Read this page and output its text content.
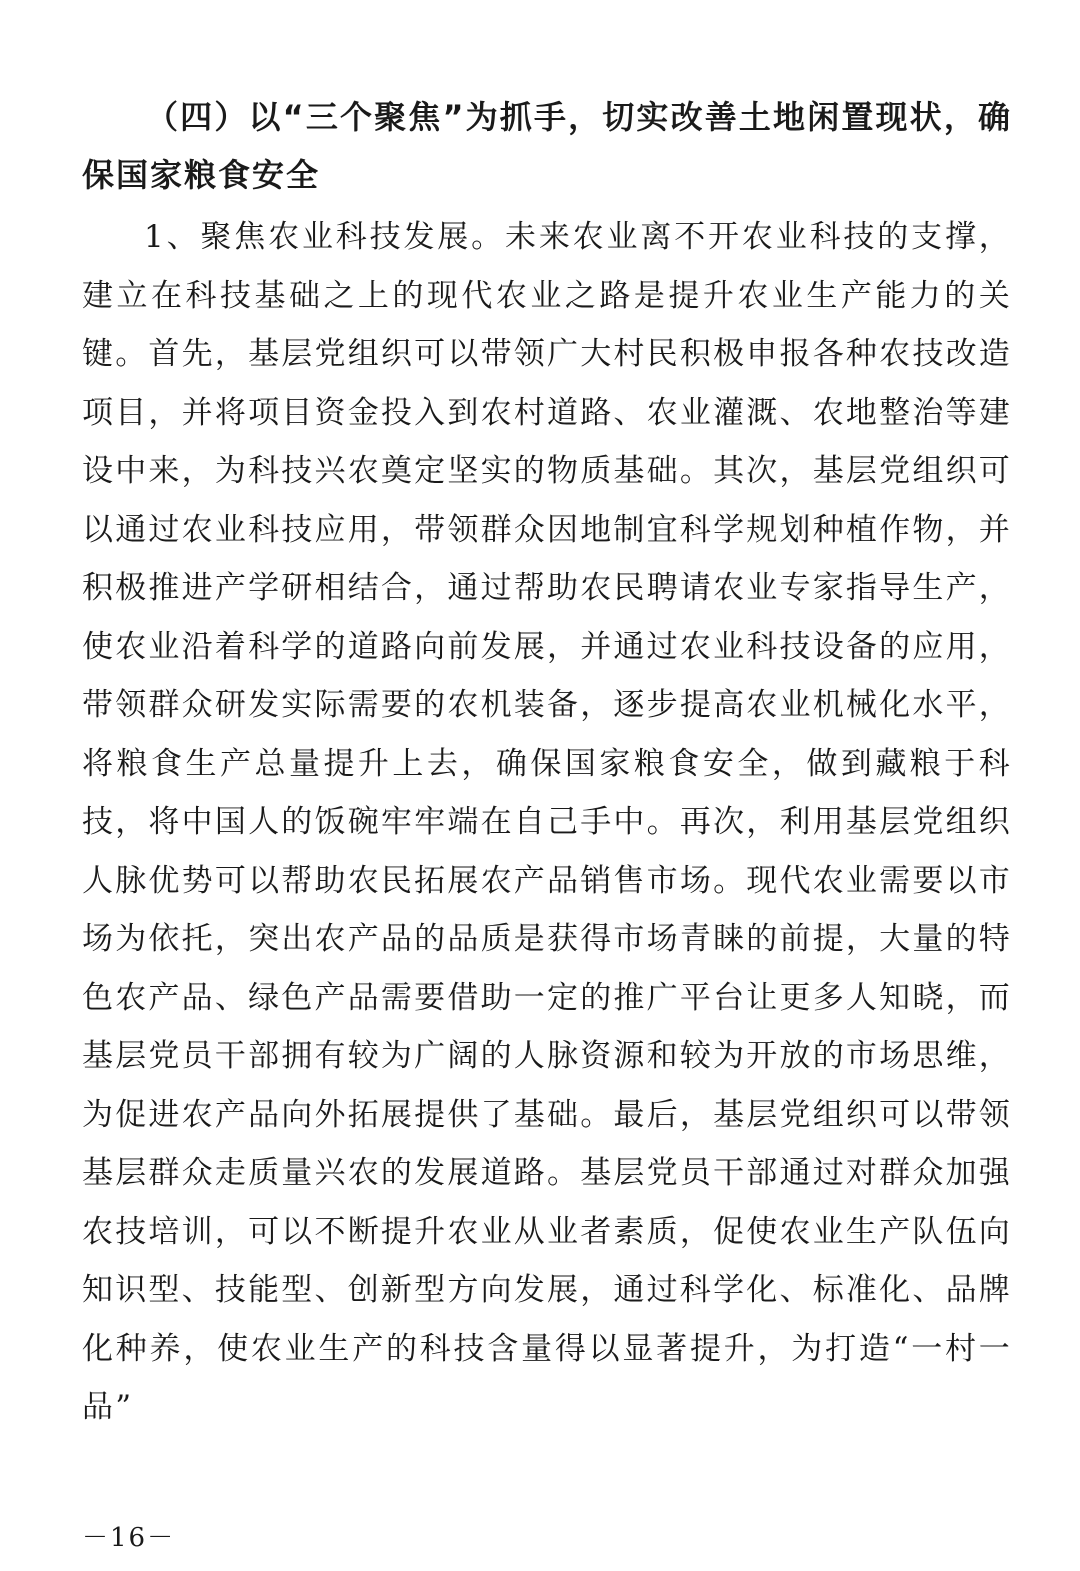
（四）以“三个聚焦”为抓手，切实改善土地闲置现状，确保国家粮食安全

1、聚焦农业科技发展。未来农业离不开农业科技的支撑，建立在科技基础之上的现代农业之路是提升农业生产能力的关键。首先，基层党组织可以带领广大村民积极申报各种农技改造项目，并将项目资金投入到农村道路、农业灌溉、农地整治等建设中来，为科技兴农奠定坚实的物质基础。其次，基层党组织可以通过农业科技应用，带领群众因地制宜科学规划种植作物，并积极推进产学研相结合，通过帮助农民聘请农业专家指导生产，使农业沿着科学的道路向前发展，并通过农业科技设备的应用，带领群众研发实际需要的农机装备，逐步提高农业机械化水平，将粮食生产总量提升上去，确保国家粮食安全，做到藏粮于科技，将中国人的饭碗牢牢端在自己手中。再次，利用基层党组织人脉优势可以帮助农民拓展农产品销售市场。现代农业需要以市场为依托，突出农产品的品质是获得市场青睐的前提，大量的特色农产品、绿色产品需要借助一定的推广平台让更多人知晓，而基层党员干部拥有较为广阔的人脉资源和较为开放的市场思维，为促进农产品向外拓展提供了基础。最后，基层党组织可以带领基层群众走质量兴农的发展道路。基层党员干部通过对群众加强农技培训，可以不断提升农业从业者素质，促使农业生产队伍向知识型、技能型、创新型方向发展，通过科学化、标准化、品牌化种养，使农业生产的科技含量得以显著提升，为打造“一村一品”

－16－
